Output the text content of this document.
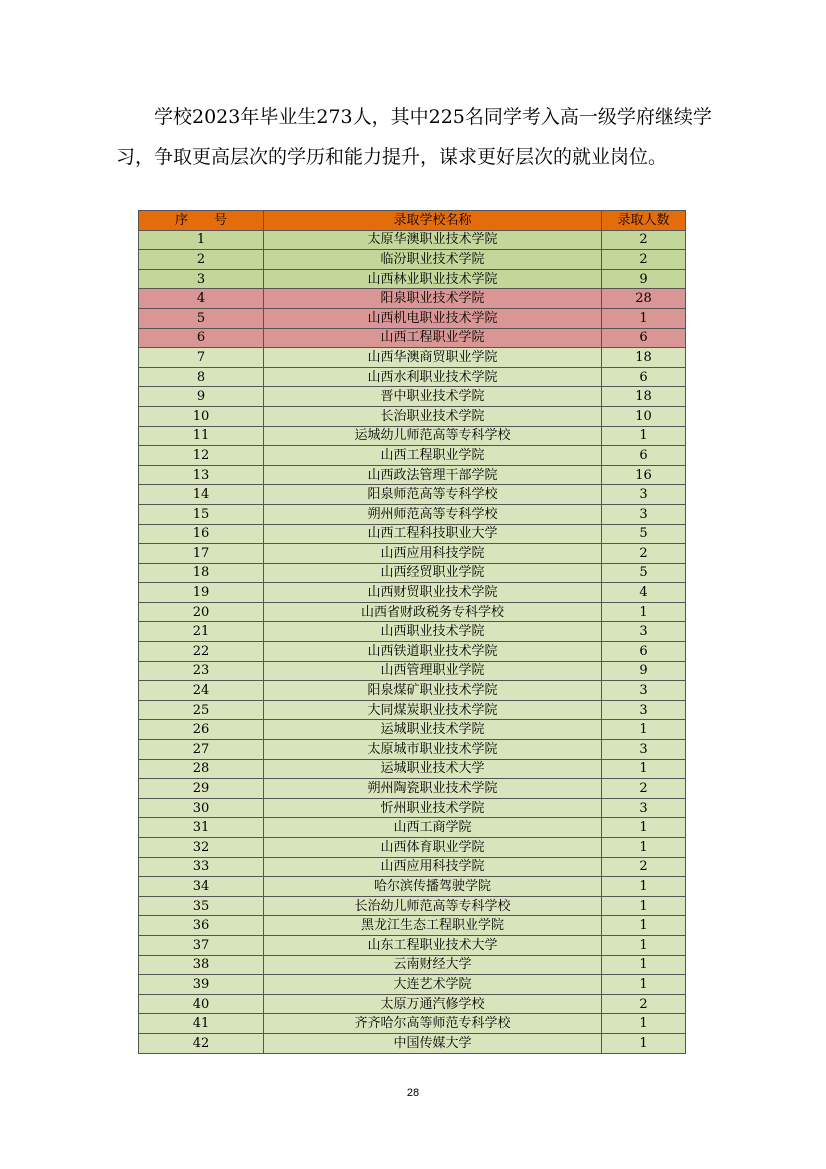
学校2023年毕业生273人，其中225名同学考入高一级学府继续学习，争取更高层次的学历和能力提升，谋求更好层次的就业岗位。

序　　号	录取学校名称	录取人数
1	太原华澳职业技术学院	2
2	临汾职业技术学院	2
3	山西林业职业技术学院	9
4	阳泉职业技术学院	28
5	山西机电职业技术学院	1
6	山西工程职业学院	6
7	山西华澳商贸职业学院	18
8	山西水利职业技术学院	6
9	晋中职业技术学院	18
10	长治职业技术学院	10
11	运城幼儿师范高等专科学校	1
12	山西工程职业学院	6
13	山西政法管理干部学院	16
14	阳泉师范高等专科学校	3
15	朔州师范高等专科学校	3
16	山西工程科技职业大学	5
17	山西应用科技学院	2
18	山西经贸职业学院	5
19	山西财贸职业技术学院	4
20	山西省财政税务专科学校	1
21	山西职业技术学院	3
22	山西铁道职业技术学院	6
23	山西管理职业学院	9
24	阳泉煤矿职业技术学院	3
25	大同煤炭职业技术学院	3
26	运城职业技术学院	1
27	太原城市职业技术学院	3
28	运城职业技术大学	1
29	朔州陶瓷职业技术学院	2
30	忻州职业技术学院	3
31	山西工商学院	1
32	山西体育职业学院	1
33	山西应用科技学院	2
34	哈尔滨传播驾驶学院	1
35	长治幼儿师范高等专科学校	1
36	黑龙江生态工程职业学院	1
37	山东工程职业技术大学	1
38	云南财经大学	1
39	大连艺术学院	1
40	太原万通汽修学校	2
41	齐齐哈尔高等师范专科学校	1
42	中国传媒大学	1
28
